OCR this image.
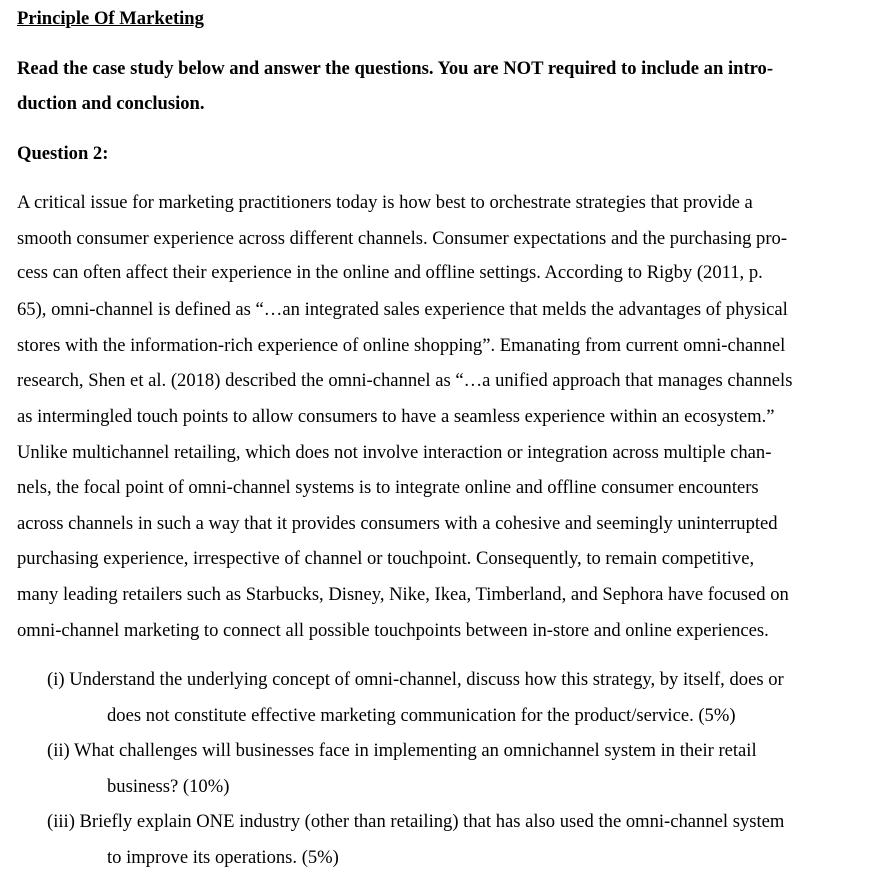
Principle Of Marketing
Read the case study below and answer the questions. You are NOT required to include an intro-
duction and conclusion.
Question 2:
A critical issue for marketing practitioners today is how best to orchestrate strategies that provide a
smooth consumer experience across different channels. Consumer expectations and the purchasing pro-
cess can often affect their experience in the online and offline settings. According to Rigby (2011, p.
65), omni-channel is defined as “…an integrated sales experience that melds the advantages of physical
stores with the information-rich experience of online shopping”. Emanating from current omni-channel
research, Shen et al. (2018) described the omni-channel as “…a unified approach that manages channels
as intermingled touch points to allow consumers to have a seamless experience within an ecosystem.”
Unlike multichannel retailing, which does not involve interaction or integration across multiple chan-
nels, the focal point of omni-channel systems is to integrate online and offline consumer encounters
across channels in such a way that it provides consumers with a cohesive and seemingly uninterrupted
purchasing experience, irrespective of channel or touchpoint. Consequently, to remain competitive,
many leading retailers such as Starbucks, Disney, Nike, Ikea, Timberland, and Sephora have focused on
omni-channel marketing to connect all possible touchpoints between in-store and online experiences.
(i) Understand the underlying concept of omni-channel, discuss how this strategy, by itself, does or
does not constitute effective marketing communication for the product/service. (5%)
(ii) What challenges will businesses face in implementing an omnichannel system in their retail
business? (10%)
(iii) Briefly explain ONE industry (other than retailing) that has also used the omni-channel system
to improve its operations. (5%)
